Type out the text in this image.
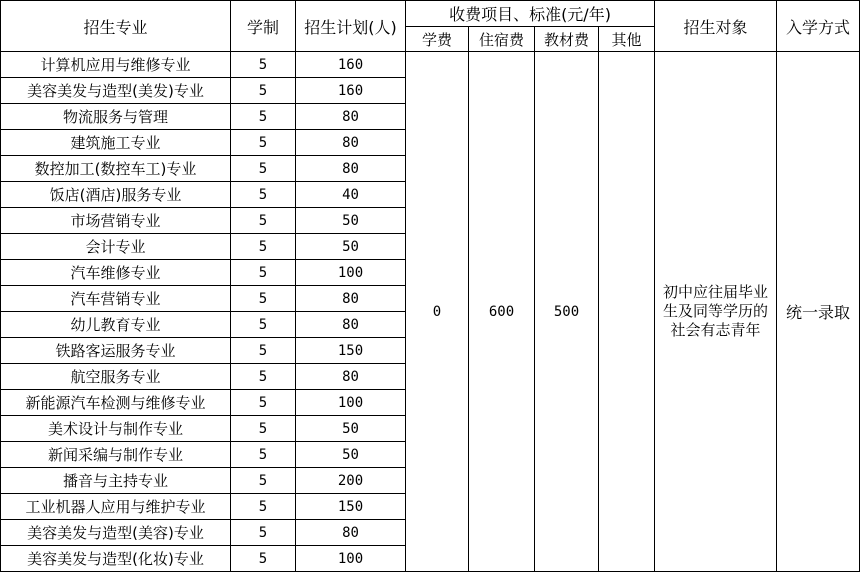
招生专业	学制	招生计划(人)	收费项目、标准(元/年)				招生对象	入学方式
			学费	住宿费	教材费	其他		
计算机应用与维修专业	5	160	0	600	500		初中应往届毕业生及同等学历的社会有志青年	统一录取
美容美发与造型(美发)专业	5	160						
物流服务与管理	5	80						
建筑施工专业	5	80						
数控加工(数控车工)专业	5	80						
饭店(酒店)服务专业	5	40						
市场营销专业	5	50						
会计专业	5	50						
汽车维修专业	5	100						
汽车营销专业	5	80						
幼儿教育专业	5	80						
铁路客运服务专业	5	150						
航空服务专业	5	80						
新能源汽车检测与维修专业	5	100						
美术设计与制作专业	5	50						
新闻采编与制作专业	5	50						
播音与主持专业	5	200						
工业机器人应用与维护专业	5	150						
美容美发与造型(美容)专业	5	80						
美容美发与造型(化妆)专业	5	100						
